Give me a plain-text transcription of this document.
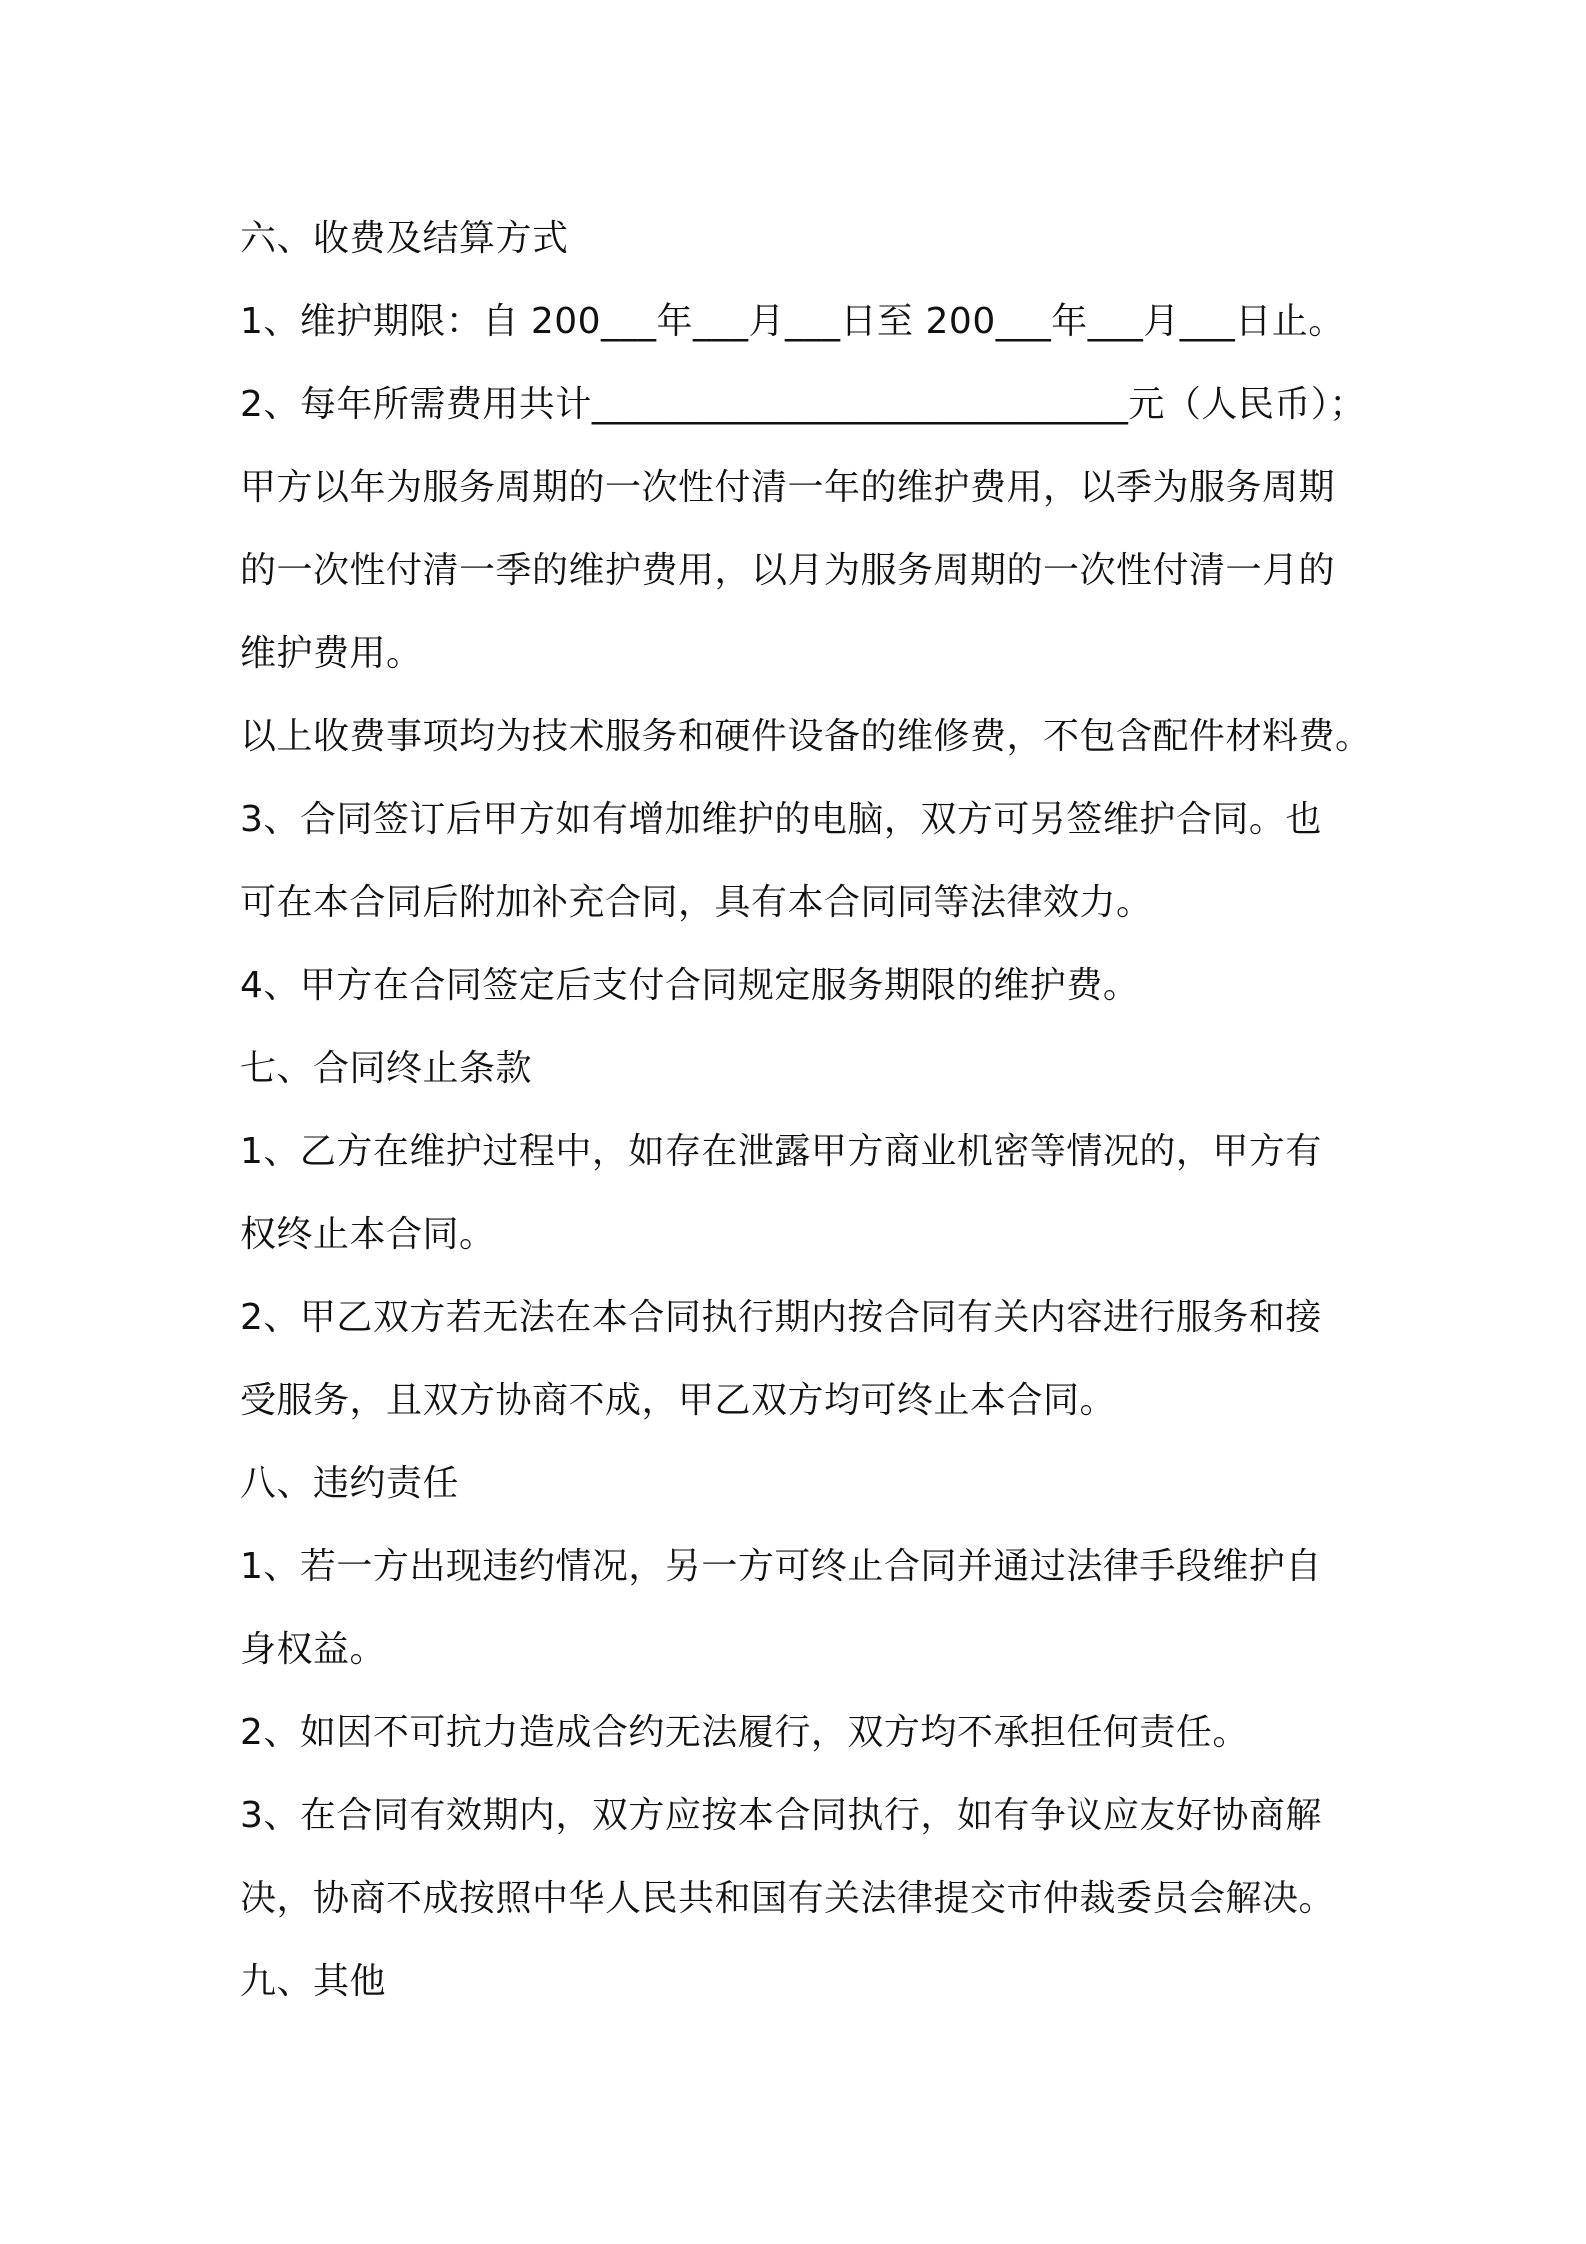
六、收费及结算方式
1、维护期限：自 200___年___月___日至 200___年___月___日止。
2、每年所需费用共计_____________________________元（人民币）；
甲方以年为服务周期的一次性付清一年的维护费用，以季为服务周期
的一次性付清一季的维护费用，以月为服务周期的一次性付清一月的
维护费用。
以上收费事项均为技术服务和硬件设备的维修费，不包含配件材料费。
3、合同签订后甲方如有增加维护的电脑，双方可另签维护合同。也
可在本合同后附加补充合同，具有本合同同等法律效力。
4、甲方在合同签定后支付合同规定服务期限的维护费。
七、合同终止条款
1、乙方在维护过程中，如存在泄露甲方商业机密等情况的，甲方有
权终止本合同。
2、甲乙双方若无法在本合同执行期内按合同有关内容进行服务和接
受服务，且双方协商不成，甲乙双方均可终止本合同。
八、违约责任
1、若一方出现违约情况，另一方可终止合同并通过法律手段维护自
身权益。
2、如因不可抗力造成合约无法履行，双方均不承担任何责任。
3、在合同有效期内，双方应按本合同执行，如有争议应友好协商解
决，协商不成按照中华人民共和国有关法律提交市仲裁委员会解决。
九、其他
